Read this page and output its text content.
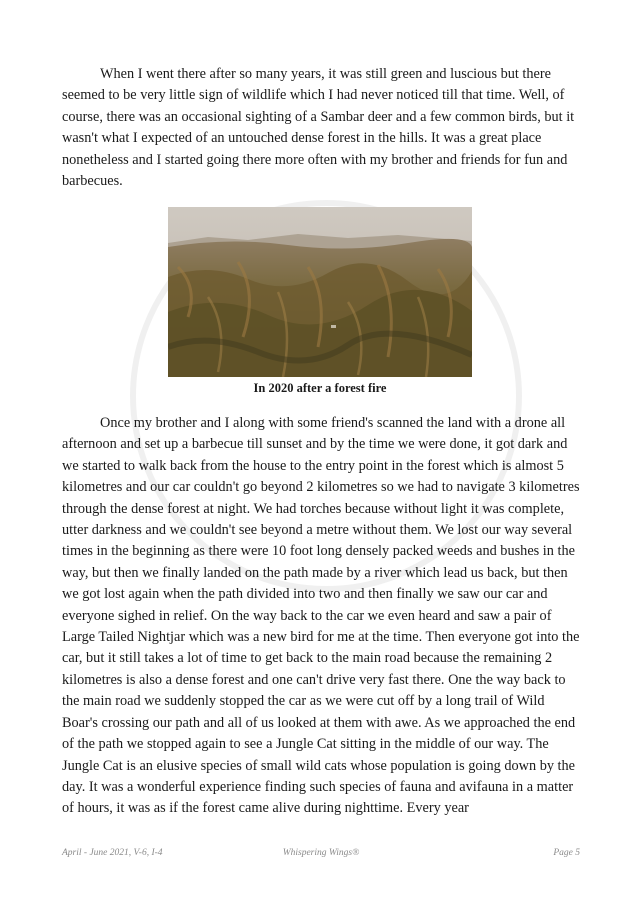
When I went there after so many years, it was still green and luscious but there seemed to be very little sign of wildlife which I had never noticed till that time. Well, of course, there was an occasional sighting of a Sambar deer and a few common birds, but it wasn't what I expected of an untouched dense forest in the hills. It was a great place nonetheless and I started going there more often with my brother and friends for fun and barbecues.

In 2020 after a forest fire

Once my brother and I along with some friend's scanned the land with a drone all afternoon and set up a barbecue till sunset and by the time we were done, it got dark and we started to walk back from the house to the entry point in the forest which is almost 5 kilometres and our car couldn't go beyond 2 kilometres so we had to navigate 3 kilometres through the dense forest at night. We had torches because without light it was complete, utter darkness and we couldn't see beyond a metre without them. We lost our way several times in the beginning as there were 10 foot long densely packed weeds and bushes in the way, but then we finally landed on the path made by a river which lead us back, but then we got lost again when the path divided into two and then finally we saw our car and everyone sighed in relief. On the way back to the car we even heard and saw a pair of Large Tailed Nightjar which was a new bird for me at the time. Then everyone got into the car, but it still takes a lot of time to get back to the main road because the remaining 2 kilometres is also a dense forest and one can't drive very fast there. One the way back to the main road we suddenly stopped the car as we were cut off by a long trail of Wild Boar's crossing our path and all of us looked at them with awe. As we approached the end of the path we stopped again to see a Jungle Cat sitting in the middle of our way. The Jungle Cat is an elusive species of small wild cats whose population is going down by the day. It was a wonderful experience finding such species of fauna and avifauna in a matter of hours, it was as if the forest came alive during nighttime. Every year

April - June 2021, V-6, I-4	Whispering Wings®	Page 5
